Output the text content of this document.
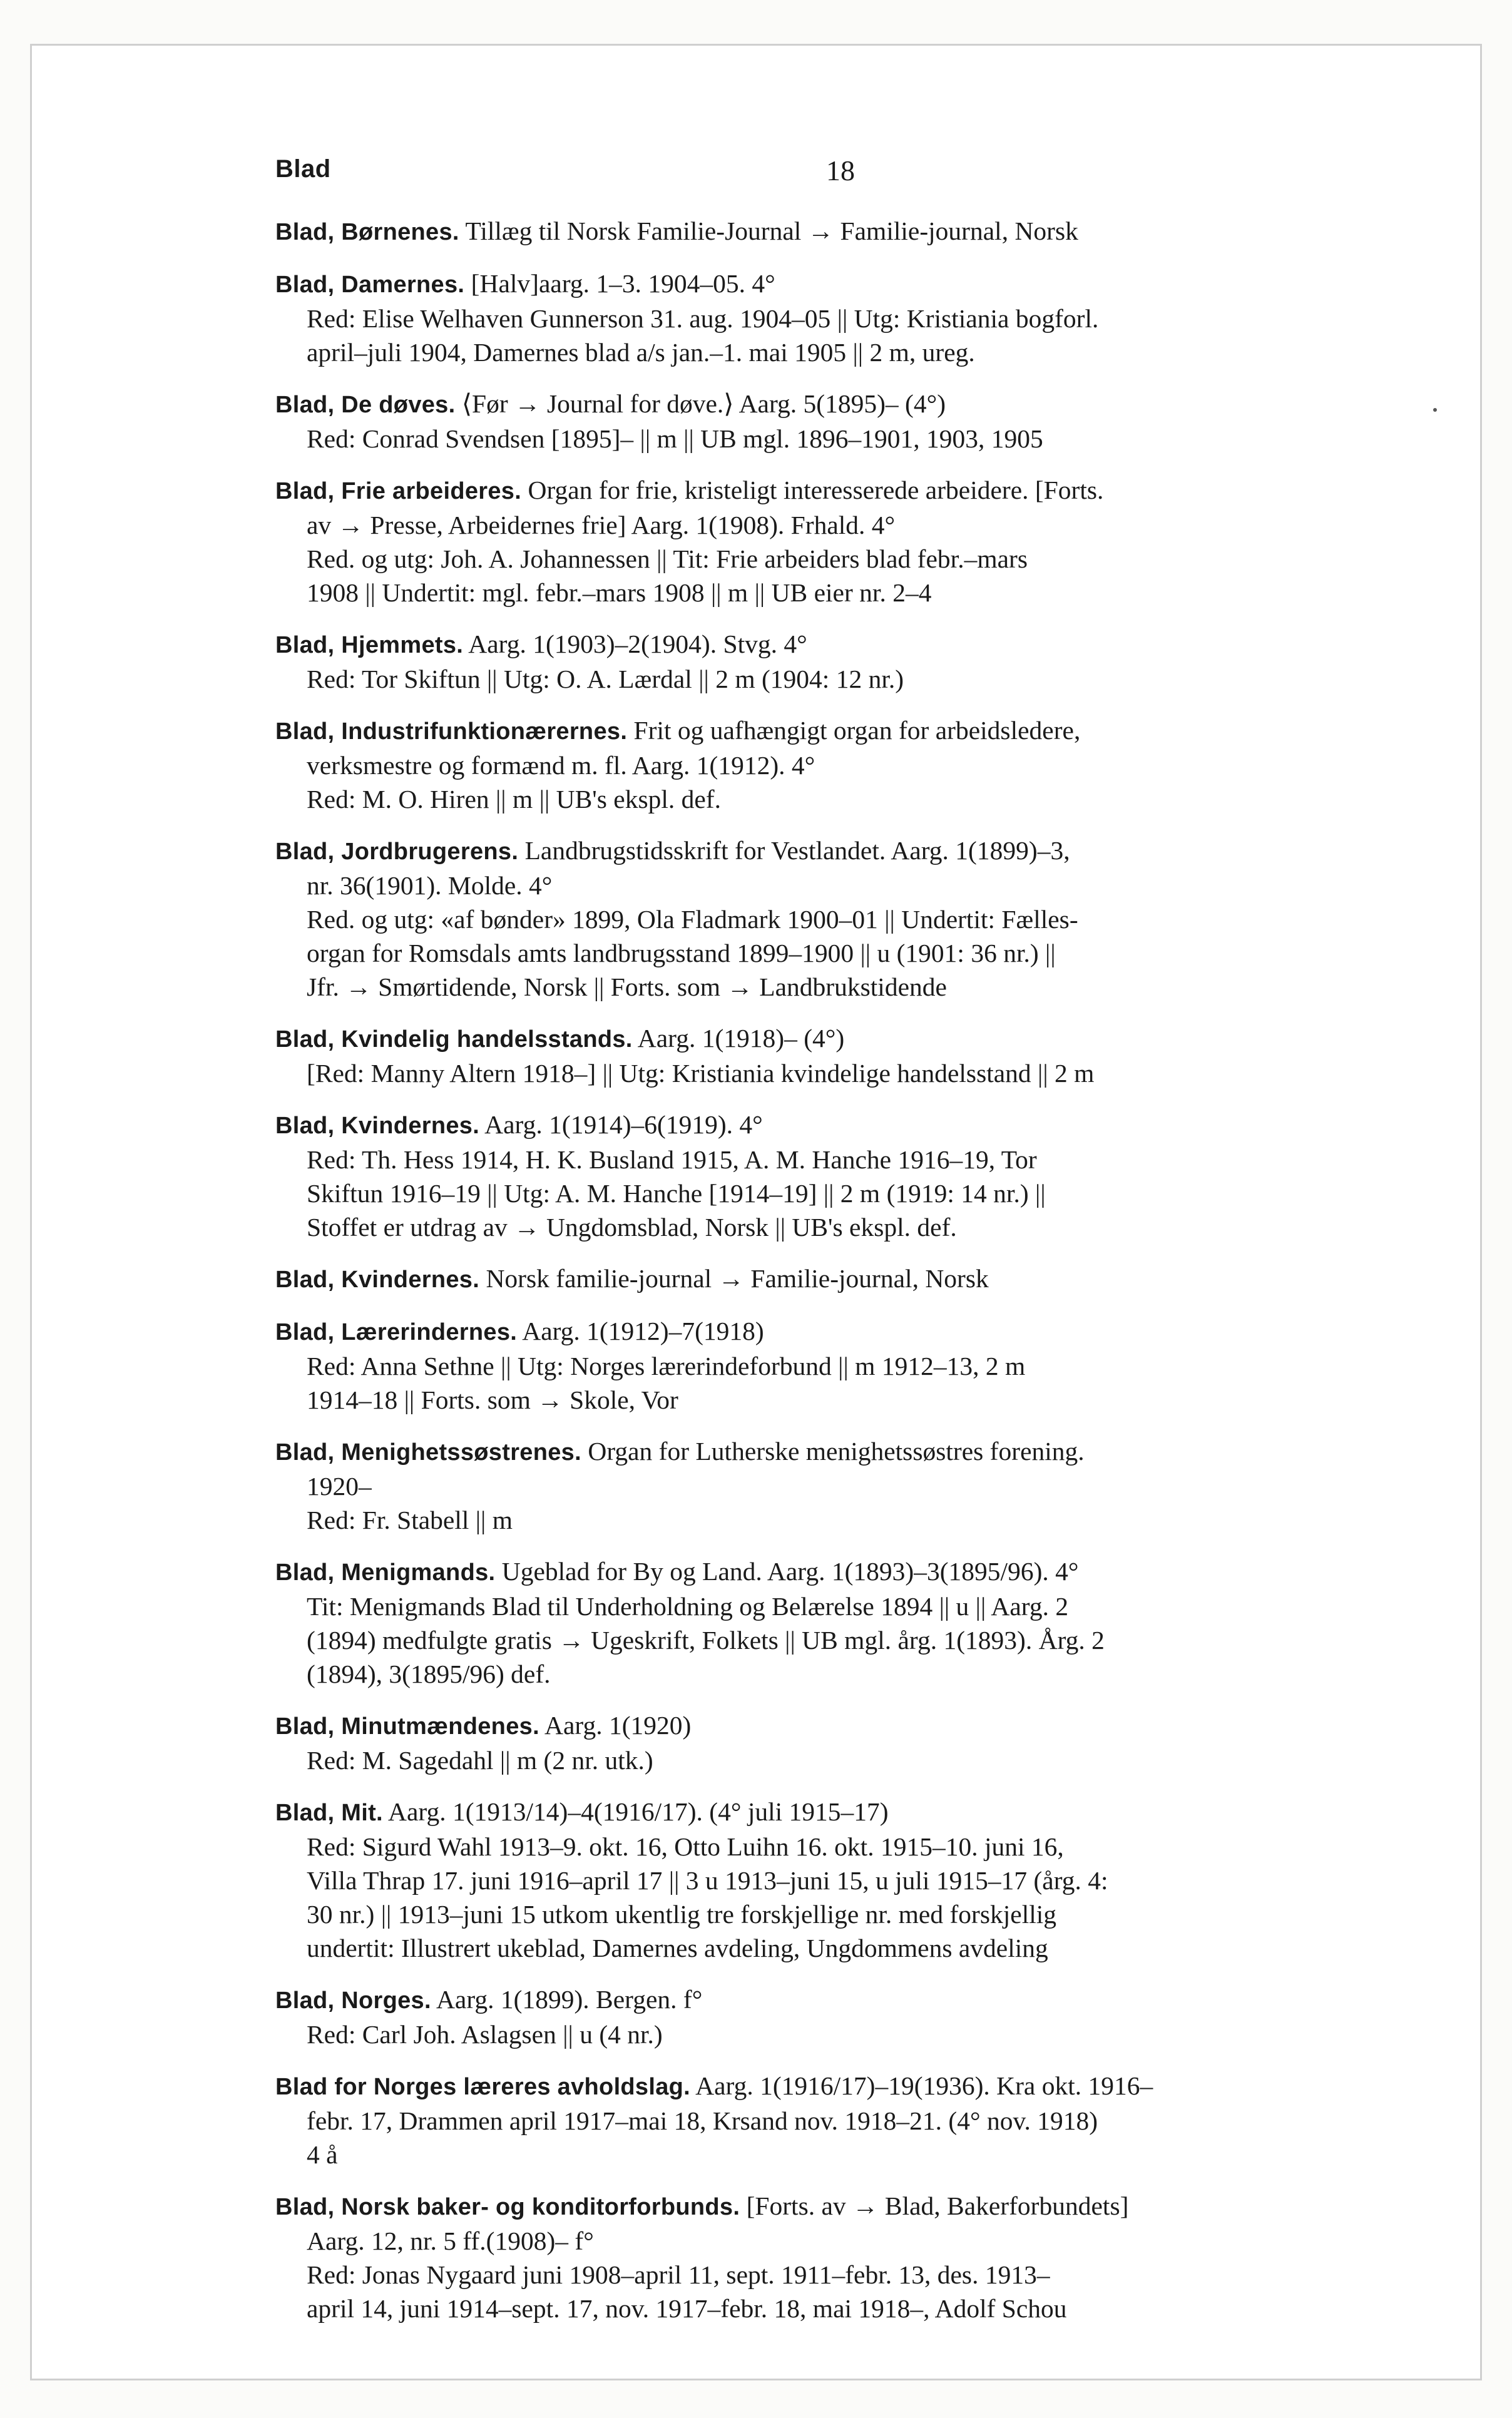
Blad	18
Blad, Børnenes. Tillæg til Norsk Familie-Journal → Familie-journal, Norsk
Blad, Damernes. [Halv]aarg. 1–3. 1904–05. 4°
Red: Elise Welhaven Gunnerson 31. aug. 1904–05 || Utg: Kristiania bogforl.
april–juli 1904, Damernes blad a/s jan.–1. mai 1905 || 2 m, ureg.
Blad, De døves. ⟨Før → Journal for døve.⟩ Aarg. 5(1895)– (4°)
Red: Conrad Svendsen [1895]– || m || UB mgl. 1896–1901, 1903, 1905
Blad, Frie arbeideres. Organ for frie, kristeligt interesserede arbeidere. [Forts.
av → Presse, Arbeidernes frie] Aarg. 1(1908). Frhald. 4°
Red. og utg: Joh. A. Johannessen || Tit: Frie arbeiders blad febr.–mars
1908 || Undertit: mgl. febr.–mars 1908 || m || UB eier nr. 2–4
Blad, Hjemmets. Aarg. 1(1903)–2(1904). Stvg. 4°
Red: Tor Skiftun || Utg: O. A. Lærdal || 2 m (1904: 12 nr.)
Blad, Industrifunktionærernes. Frit og uafhængigt organ for arbeidsledere,
verksmestre og formænd m. fl. Aarg. 1(1912). 4°
Red: M. O. Hiren || m || UB's ekspl. def.
Blad, Jordbrugerens. Landbrugstidsskrift for Vestlandet. Aarg. 1(1899)–3,
nr. 36(1901). Molde. 4°
Red. og utg: «af bønder» 1899, Ola Fladmark 1900–01 || Undertit: Fælles-
organ for Romsdals amts landbrugsstand 1899–1900 || u (1901: 36 nr.) ||
Jfr. → Smørtidende, Norsk || Forts. som → Landbrukstidende
Blad, Kvindelig handelsstands. Aarg. 1(1918)– (4°)
[Red: Manny Altern 1918–] || Utg: Kristiania kvindelige handelsstand || 2 m
Blad, Kvindernes. Aarg. 1(1914)–6(1919). 4°
Red: Th. Hess 1914, H. K. Busland 1915, A. M. Hanche 1916–19, Tor
Skiftun 1916–19 || Utg: A. M. Hanche [1914–19] || 2 m (1919: 14 nr.) ||
Stoffet er utdrag av → Ungdomsblad, Norsk || UB's ekspl. def.
Blad, Kvindernes. Norsk familie-journal → Familie-journal, Norsk
Blad, Lærerindernes. Aarg. 1(1912)–7(1918)
Red: Anna Sethne || Utg: Norges lærerindeforbund || m 1912–13, 2 m
1914–18 || Forts. som → Skole, Vor
Blad, Menighetssøstrenes. Organ for Lutherske menighetssøstres forening.
1920–
Red: Fr. Stabell || m
Blad, Menigmands. Ugeblad for By og Land. Aarg. 1(1893)–3(1895/96). 4°
Tit: Menigmands Blad til Underholdning og Belærelse 1894 || u || Aarg. 2
(1894) medfulgte gratis → Ugeskrift, Folkets || UB mgl. årg. 1(1893). Årg. 2
(1894), 3(1895/96) def.
Blad, Minutmændenes. Aarg. 1(1920)
Red: M. Sagedahl || m (2 nr. utk.)
Blad, Mit. Aarg. 1(1913/14)–4(1916/17). (4° juli 1915–17)
Red: Sigurd Wahl 1913–9. okt. 16, Otto Luihn 16. okt. 1915–10. juni 16,
Villa Thrap 17. juni 1916–april 17 || 3 u 1913–juni 15, u juli 1915–17 (årg. 4:
30 nr.) || 1913–juni 15 utkom ukentlig tre forskjellige nr. med forskjellig
undertit: Illustrert ukeblad, Damernes avdeling, Ungdommens avdeling
Blad, Norges. Aarg. 1(1899). Bergen. f°
Red: Carl Joh. Aslagsen || u (4 nr.)
Blad for Norges læreres avholdslag. Aarg. 1(1916/17)–19(1936). Kra okt. 1916–
febr. 17, Drammen april 1917–mai 18, Krsand nov. 1918–21. (4° nov. 1918)
4 å
Blad, Norsk baker- og konditorforbunds. [Forts. av → Blad, Bakerforbundets]
Aarg. 12, nr. 5 ff.(1908)– f°
Red: Jonas Nygaard juni 1908–april 11, sept. 1911–febr. 13, des. 1913–
april 14, juni 1914–sept. 17, nov. 1917–febr. 18, mai 1918–, Adolf Schou
